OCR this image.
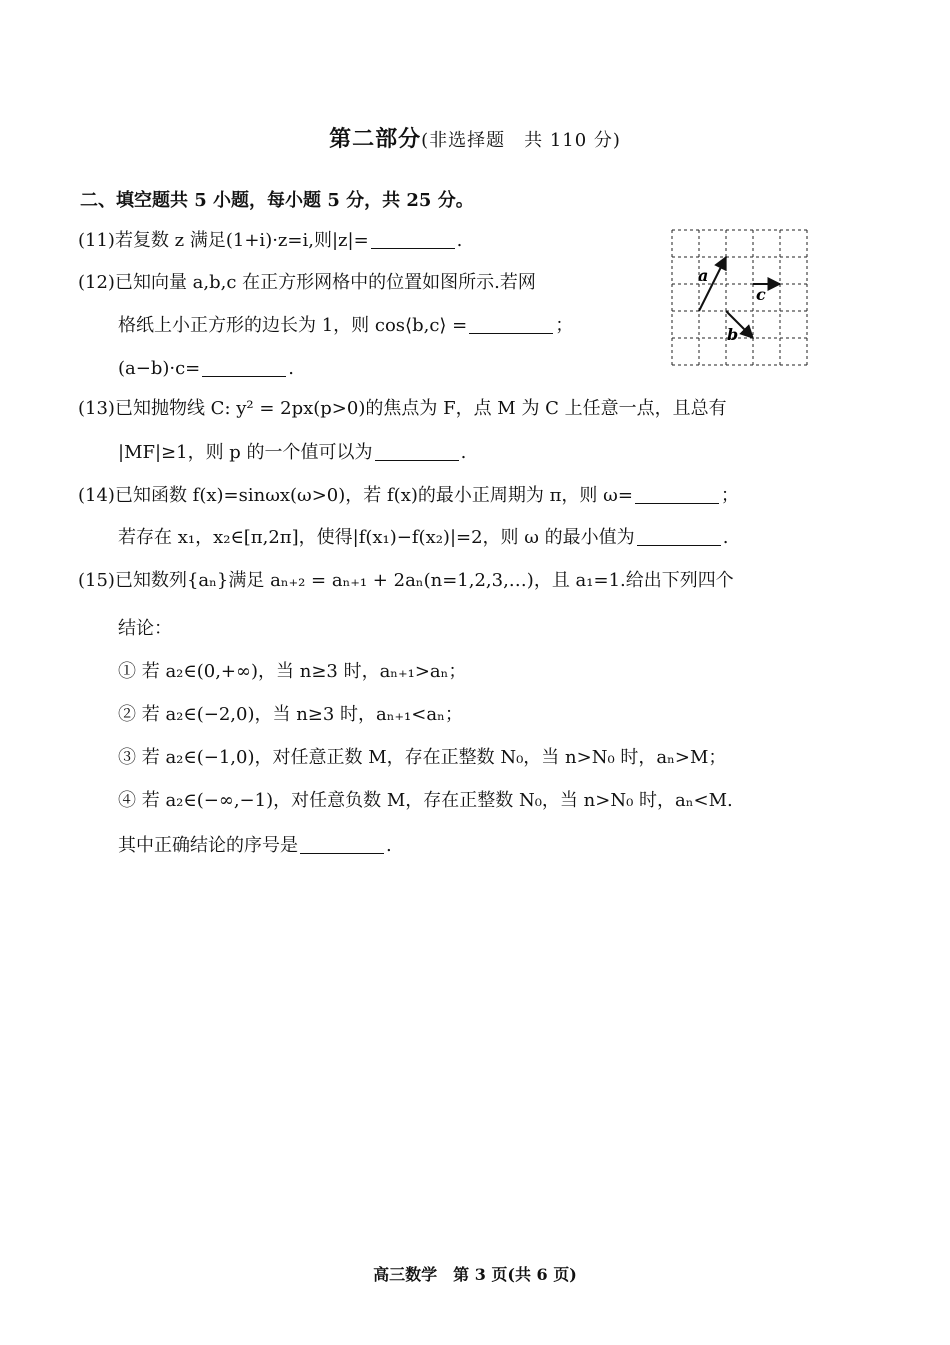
第二部分(非选择题　共 110 分)
二、填空题共 5 小题，每小题 5 分，共 25 分。
(11)若复数 z 满足(1+i)·z=i,则|z|=	.
(12)已知向量 a,b,c 在正方形网格中的位置如图所示.若网
格纸上小正方形的边长为 1，则 cos⟨b,c⟩ =	；
(a−b)·c=	.
a
b
c
(13)已知抛物线 C: y² = 2px(p>0)的焦点为 F，点 M 为 C 上任意一点，且总有
|MF|≥1，则 p 的一个值可以为	.
(14)已知函数 f(x)=sinωx(ω>0)，若 f(x)的最小正周期为 π，则 ω=	；
若存在 x₁，x₂∈[π,2π]，使得|f(x₁)−f(x₂)|=2，则 ω 的最小值为	.
(15)已知数列{aₙ}满足 aₙ₊₂ = aₙ₊₁ + 2aₙ(n=1,2,3,…)，且 a₁=1.给出下列四个
结论：
① 若 a₂∈(0,+∞)，当 n≥3 时，aₙ₊₁>aₙ；
② 若 a₂∈(−2,0)，当 n≥3 时，aₙ₊₁<aₙ；
③ 若 a₂∈(−1,0)，对任意正数 M，存在正整数 N₀，当 n>N₀ 时，aₙ>M；
④ 若 a₂∈(−∞,−1)，对任意负数 M，存在正整数 N₀，当 n>N₀ 时，aₙ<M.
其中正确结论的序号是	.
高三数学　第 3 页(共 6 页)
